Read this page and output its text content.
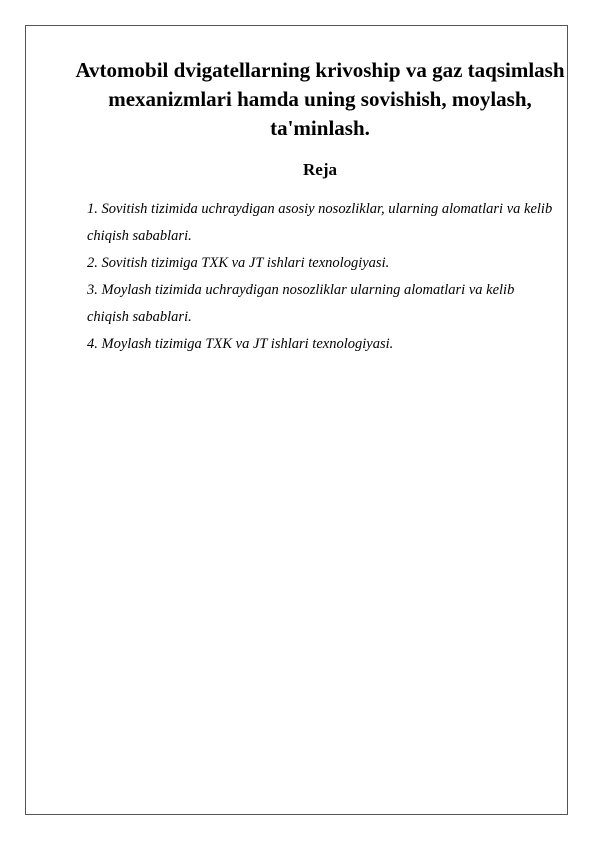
Avtomobil dvigatellarning krivoship va gaz taqsimlash mexanizmlari hamda uning sovishish, moylash, ta'minlash.
Reja
1. Sovitish tizimida uchraydigan asosiy nosozliklar, ularning alomatlari va kelib chiqish sabablari.
2. Sovitish tizimiga TXK va JT ishlari texnologiyasi.
3. Moylash tizimida uchraydigan nosozliklar ularning alomatlari va kelib chiqish sabablari.
4. Moylash tizimiga TXK va JT ishlari texnologiyasi.
